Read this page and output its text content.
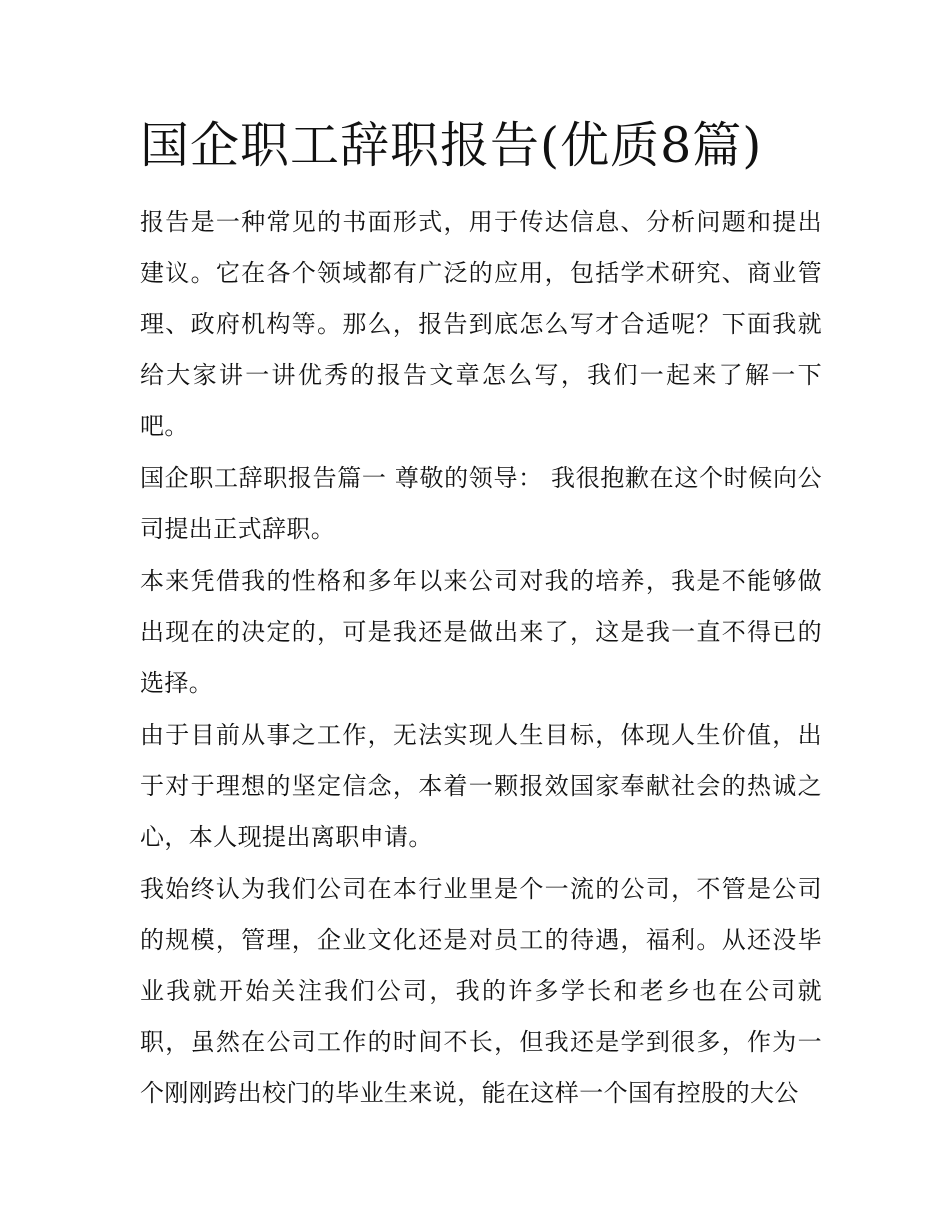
国企职工辞职报告(优质8篇)

报告是一种常见的书面形式，用于传达信息、分析问题和提出建议。它在各个领域都有广泛的应用，包括学术研究、商业管理、政府机构等。那么，报告到底怎么写才合适呢？下面我就给大家讲一讲优秀的报告文章怎么写，我们一起来了解一下吧。

国企职工辞职报告篇一 尊敬的领导： 我很抱歉在这个时候向公司提出正式辞职。

本来凭借我的性格和多年以来公司对我的培养，我是不能够做出现在的决定的，可是我还是做出来了，这是我一直不得已的选择。

由于目前从事之工作，无法实现人生目标，体现人生价值，出于对于理想的坚定信念，本着一颗报效国家奉献社会的热诚之心，本人现提出离职申请。

我始终认为我们公司在本行业里是个一流的公司，不管是公司的规模，管理，企业文化还是对员工的待遇，福利。从还没毕业我就开始关注我们公司，我的许多学长和老乡也在公司就职，虽然在公司工作的时间不长，但我还是学到很多，作为一个刚刚跨出校门的毕业生来说，能在这样一个国有控股的大公
